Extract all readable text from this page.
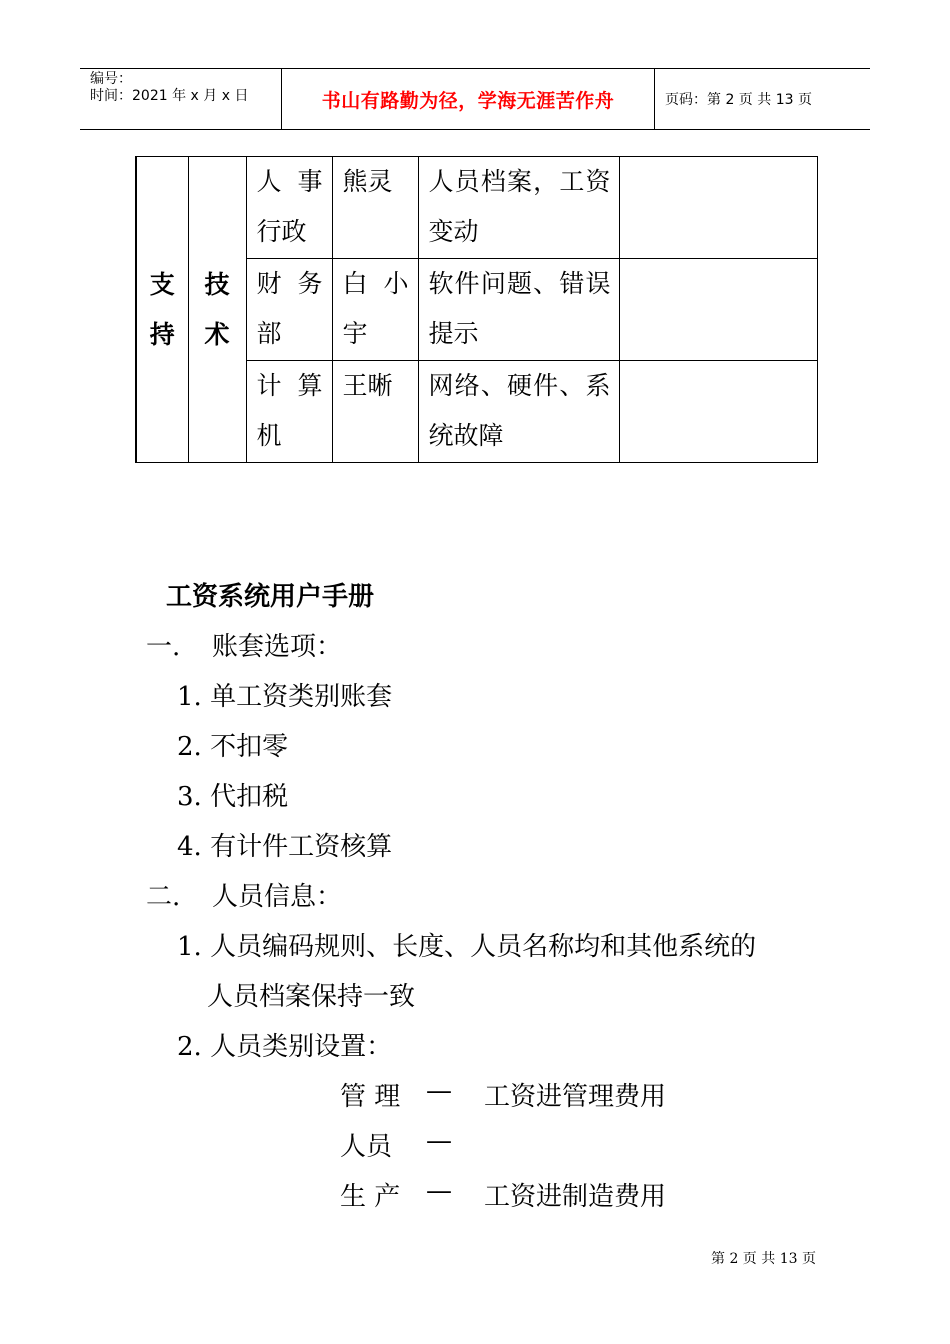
编号：
时间：2021 年 x 月 x 日	书山有路勤为径，学海无涯苦作舟	页码：第 2 页 共 13 页
支持	技术	人事行政	熊灵	人员档案，工资变动	

		财务部	白小宇	软件问题、错误提示	

		计算机	王晰	网络、硬件、系统故障	

工资系统用户手册
一. 账套选项：
1. 单工资类别账套
2. 不扣零
3. 代扣税
4. 有计件工资核算
二. 人员信息：
1. 人员编码规则、长度、人员名称均和其他系统的
人员档案保持一致
2. 人员类别设置：
管 理 — 工资进管理费用
人员 —
生 产 — 工资进制造费用
第 2 页 共 13 页
